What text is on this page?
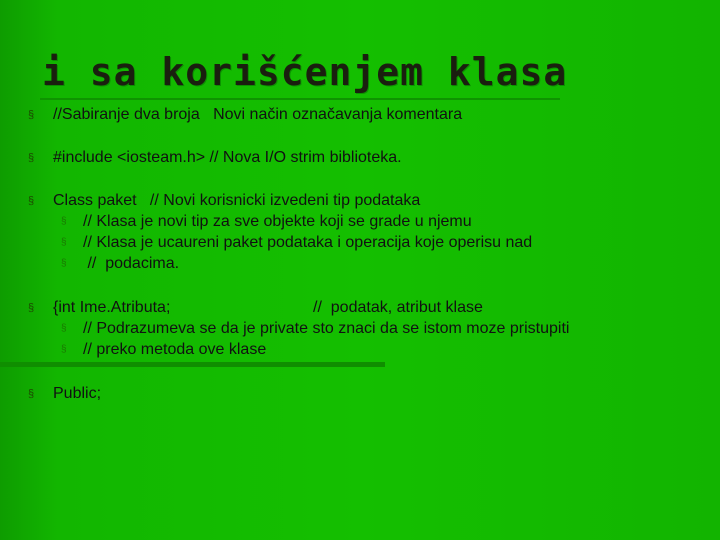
i sa korišćenjem klasa
§ //Sabiranje dva broja   Novi način označavanja komentara
§ #include <iosteam.h> // Nova I/O strim biblioteka.
§ Class paket   // Novi korisnicki izvedeni tip podataka
§ // Klasa je novi tip za sve objekte koji se grade u njemu
§ // Klasa je ucaureni paket podataka i operacija koje operisu nad
§ //  podacima.
§ {int Ime.Atributa;	//  podatak, atribut klase
§ // Podrazumeva se da je private sto znaci da se istom moze pristupiti
§ // preko metoda ove klase
§ Public;
